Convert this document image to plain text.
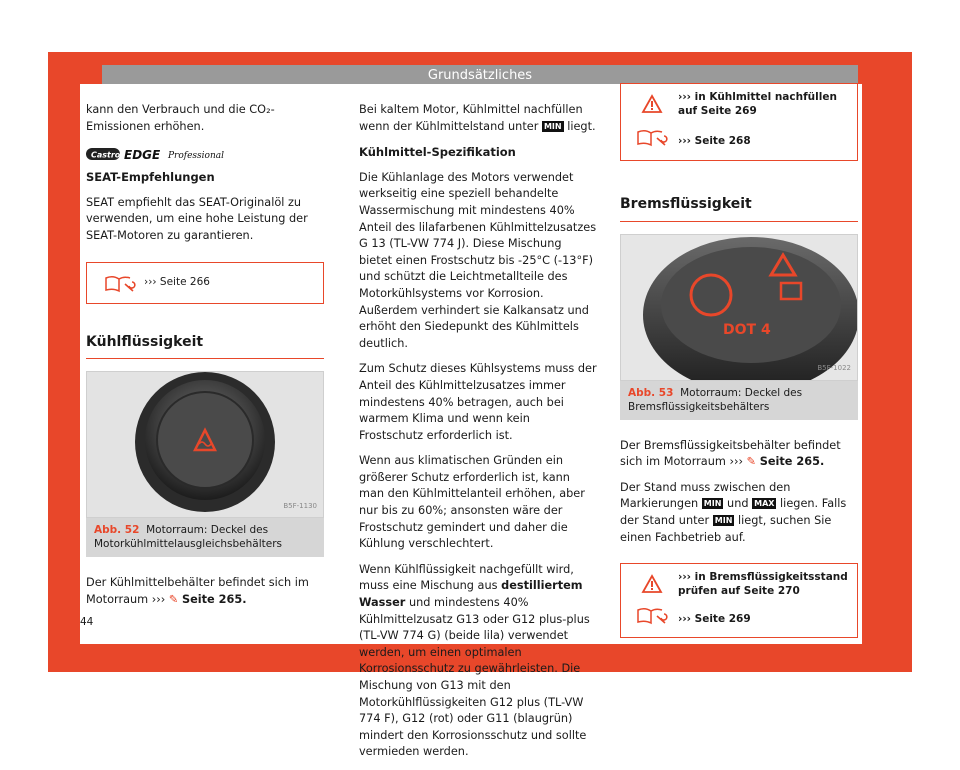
Grundsätzliches

kann den Verbrauch und die CO₂-Emissionen erhöhen.

Castrol EDGE Professional
SEAT-Empfehlungen

SEAT empfiehlt das SEAT-Originalöl zu verwenden, um eine hohe Leistung der SEAT-Motoren zu garantieren.

››› Seite 266
Kühlflüssigkeit
B5F-1130
Abb. 52 Motorraum: Deckel des Motorkühlmittelausgleichsbehälters

Der Kühlmittelbehälter befindet sich im Motorraum ››› ✎ Seite 265.

Bei kaltem Motor, Kühlmittel nachfüllen wenn der Kühlmittelstand unter MIN liegt.

Kühlmittel-Spezifikation

Die Kühlanlage des Motors verwendet werkseitig eine speziell behandelte Wassermischung mit mindestens 40% Anteil des lilafarbenen Kühlmittelzusatzes G 13 (TL-VW 774 J). Diese Mischung bietet einen Frostschutz bis -25°C (-13°F) und schützt die Leichtmetallteile des Motorkühlsystems vor Korrosion. Außerdem verhindert sie Kalkansatz und erhöht den Siedepunkt des Kühlmittels deutlich.

Zum Schutz dieses Kühlsystems muss der Anteil des Kühlmittelzusatzes immer mindestens 40% betragen, auch bei warmem Klima und wenn kein Frostschutz erforderlich ist.

Wenn aus klimatischen Gründen ein größerer Schutz erforderlich ist, kann man den Kühlmittelanteil erhöhen, aber nur bis zu 60%; ansonsten wäre der Frostschutz gemindert und daher die Kühlung verschlechtert.

Wenn Kühlflüssigkeit nachgefüllt wird, muss eine Mischung aus destilliertem Wasser und mindestens 40% Kühlmittelzusatz G13 oder G12 plus-plus (TL-VW 774 G) (beide lila) verwendet werden, um einen optimalen Korrosionsschutz zu gewährleisten. Die Mischung von G13 mit den Motorkühlflüssigkeiten G12 plus (TL-VW 774 F), G12 (rot) oder G11 (blaugrün) mindert den Korrosionsschutz und sollte vermieden werden.

››› in Kühlmittel nachfüllen auf Seite 269
››› Seite 268
Bremsflüssigkeit
DOT 4
B5F-1022
Abb. 53 Motorraum: Deckel des Bremsflüssigkeitsbehälters

Der Bremsflüssigkeitsbehälter befindet sich im Motorraum ››› ✎ Seite 265.

Der Stand muss zwischen den Markierungen MIN und MAX liegen. Falls der Stand unter MIN liegt, suchen Sie einen Fachbetrieb auf.

››› in Bremsflüssigkeitsstand prüfen auf Seite 270
››› Seite 269
44
